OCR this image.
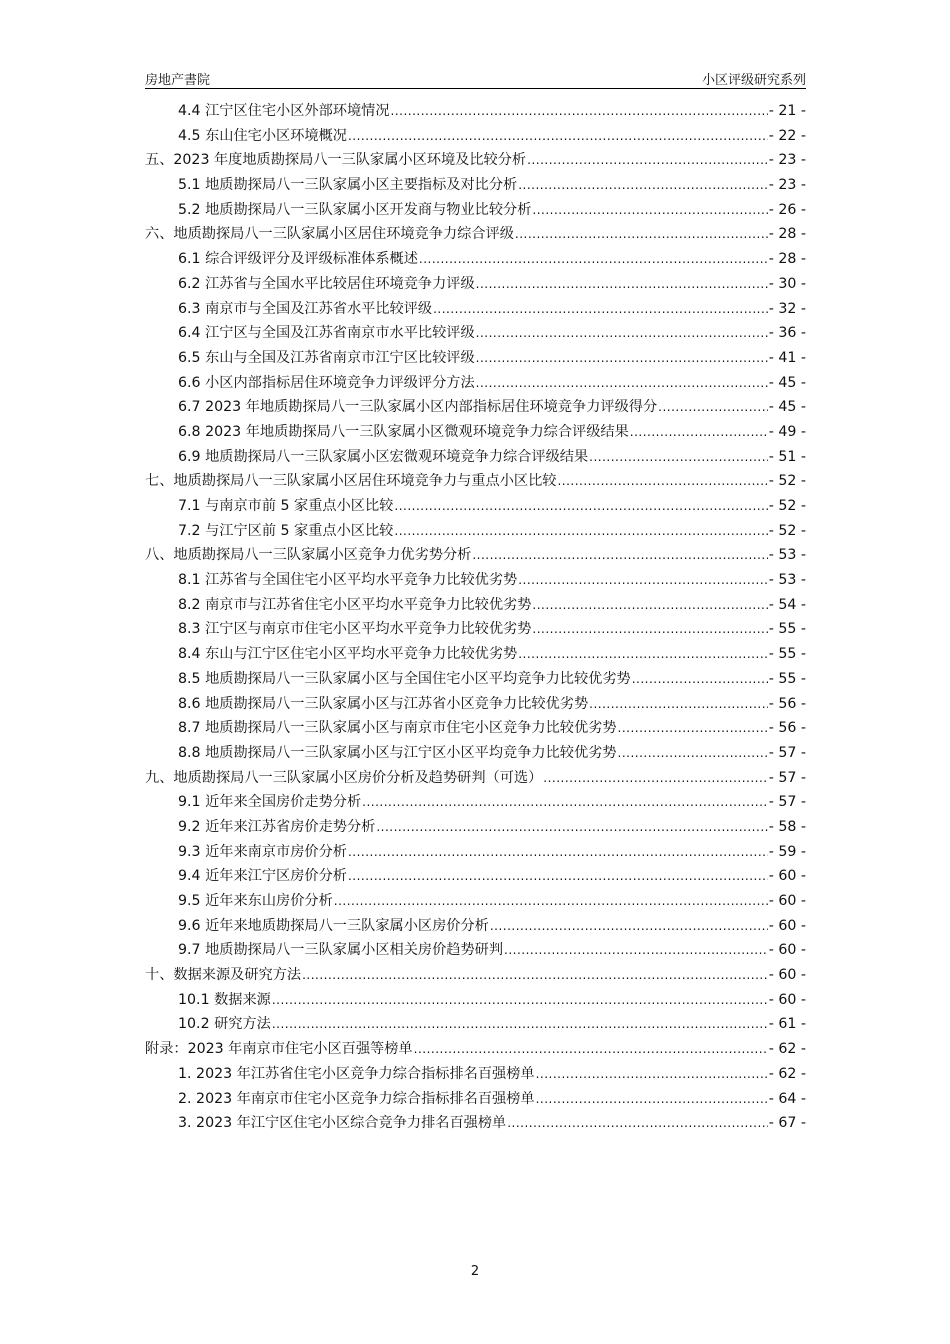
房地产書院	小区评级研究系列
4.4 江宁区住宅小区外部环境情况 .....	- 21 -
4.5 东山住宅小区环境概况 .....	- 22 -
五、2023 年度地质勘探局八一三队家属小区环境及比较分析 .....	- 23 -
5.1 地质勘探局八一三队家属小区主要指标及对比分析 .....	- 23 -
5.2 地质勘探局八一三队家属小区开发商与物业比较分析 .....	- 26 -
六、地质勘探局八一三队家属小区居住环境竞争力综合评级 .....	- 28 -
6.1 综合评级评分及评级标准体系概述 .....	- 28 -
6.2 江苏省与全国水平比较居住环境竞争力评级 .....	- 30 -
6.3 南京市与全国及江苏省水平比较评级 .....	- 32 -
6.4 江宁区与全国及江苏省南京市水平比较评级 .....	- 36 -
6.5 东山与全国及江苏省南京市江宁区比较评级 .....	- 41 -
6.6 小区内部指标居住环境竞争力评级评分方法 .....	- 45 -
6.7 2023 年地质勘探局八一三队家属小区内部指标居住环境竞争力评级得分 .....	- 45 -
6.8 2023 年地质勘探局八一三队家属小区微观环境竞争力综合评级结果 .....	- 49 -
6.9 地质勘探局八一三队家属小区宏微观环境竞争力综合评级结果 .....	- 51 -
七、地质勘探局八一三队家属小区居住环境竞争力与重点小区比较 .....	- 52 -
7.1 与南京市前 5 家重点小区比较 .....	- 52 -
7.2 与江宁区前 5 家重点小区比较 .....	- 52 -
八、地质勘探局八一三队家属小区竞争力优劣势分析 .....	- 53 -
8.1 江苏省与全国住宅小区平均水平竞争力比较优劣势 .....	- 53 -
8.2 南京市与江苏省住宅小区平均水平竞争力比较优劣势 .....	- 54 -
8.3 江宁区与南京市住宅小区平均水平竞争力比较优劣势 .....	- 55 -
8.4 东山与江宁区住宅小区平均水平竞争力比较优劣势 .....	- 55 -
8.5 地质勘探局八一三队家属小区与全国住宅小区平均竞争力比较优劣势 .....	- 55 -
8.6 地质勘探局八一三队家属小区与江苏省小区竞争力比较优劣势 .....	- 56 -
8.7 地质勘探局八一三队家属小区与南京市住宅小区竞争力比较优劣势 .....	- 56 -
8.8 地质勘探局八一三队家属小区与江宁区小区平均竞争力比较优劣势 .....	- 57 -
九、地质勘探局八一三队家属小区房价分析及趋势研判（可选） .....	- 57 -
9.1 近年来全国房价走势分析 .....	- 57 -
9.2 近年来江苏省房价走势分析 .....	- 58 -
9.3 近年来南京市房价分析 .....	- 59 -
9.4 近年来江宁区房价分析 .....	- 60 -
9.5 近年来东山房价分析 .....	- 60 -
9.6 近年来地质勘探局八一三队家属小区房价分析 .....	- 60 -
9.7 地质勘探局八一三队家属小区相关房价趋势研判 .....	- 60 -
十、数据来源及研究方法 .....	- 60 -
10.1 数据来源 .....	- 60 -
10.2 研究方法 .....	- 61 -
附录：2023 年南京市住宅小区百强等榜单 .....	- 62 -
1. 2023 年江苏省住宅小区竞争力综合指标排名百强榜单 .....	- 62 -
2. 2023 年南京市住宅小区竞争力综合指标排名百强榜单 .....	- 64 -
3. 2023 年江宁区住宅小区综合竞争力排名百强榜单 .....	- 67 -
2
